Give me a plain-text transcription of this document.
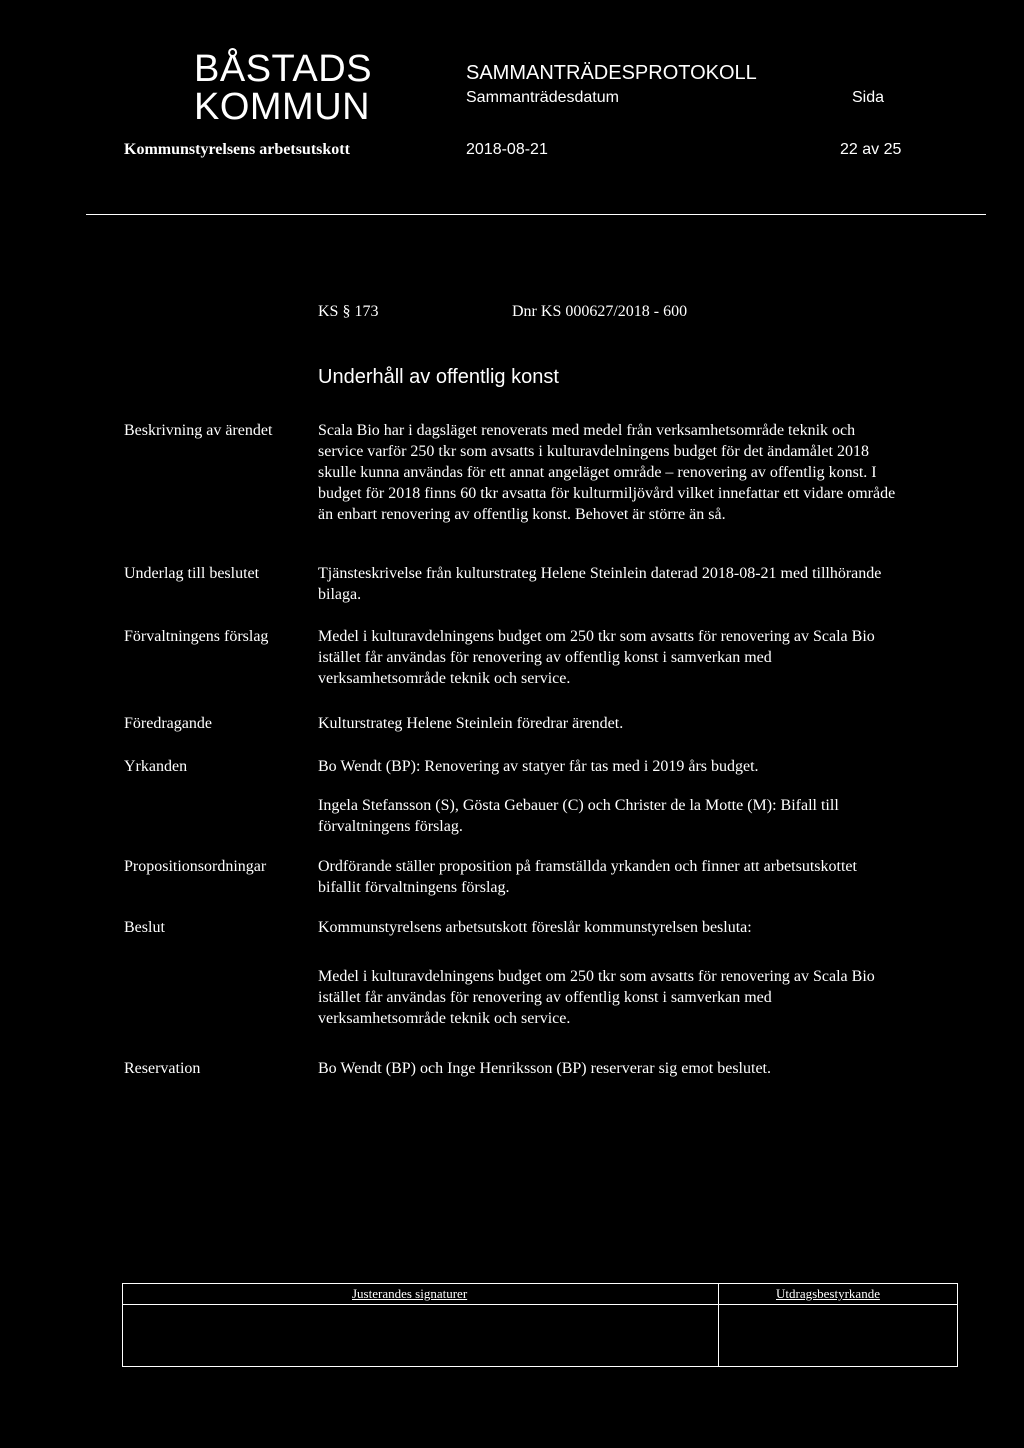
BÅSTADS
KOMMUN
SAMMANTRÄDESPROTOKOLL
Sammanträdesdatum	Sida
Kommunstyrelsens arbetsutskott	2018-08-21	22 av 25
KS § 173	Dnr KS 000627/2018 - 600
Underhåll av offentlig konst
Beskrivning av ärendet	Scala Bio har i dagsläget renoverats med medel från verksamhetsområde teknik och service varför 250 tkr som avsatts i kulturavdelningens budget för det ändamålet 2018 skulle kunna användas för ett annat angeläget område – renovering av offentlig konst. I budget för 2018 finns 60 tkr avsatta för kulturmiljövård vilket innefattar ett vidare område än enbart renovering av offentlig konst. Behovet är större än så.
Underlag till beslutet	Tjänsteskrivelse från kulturstrateg Helene Steinlein daterad 2018-08-21 med tillhörande bilaga.
Förvaltningens förslag	Medel i kulturavdelningens budget om 250 tkr som avsatts för renovering av Scala Bio istället får användas för renovering av offentlig konst i samverkan med verksamhetsområde teknik och service.
Föredragande	Kulturstrateg Helene Steinlein föredrar ärendet.
Yrkanden	Bo Wendt (BP): Renovering av statyer får tas med i 2019 års budget.
Ingela Stefansson (S), Gösta Gebauer (C) och Christer de la Motte (M): Bifall till förvaltningens förslag.
Propositionsordningar	Ordförande ställer proposition på framställda yrkanden och finner att arbetsutskottet bifallit förvaltningens förslag.
Beslut	Kommunstyrelsens arbetsutskott föreslår kommunstyrelsen besluta:
Medel i kulturavdelningens budget om 250 tkr som avsatts för renovering av Scala Bio istället får användas för renovering av offentlig konst i samverkan med verksamhetsområde teknik och service.
Reservation	Bo Wendt (BP) och Inge Henriksson (BP) reserverar sig emot beslutet.
Justerandes signaturer	Utdragsbestyrkande
